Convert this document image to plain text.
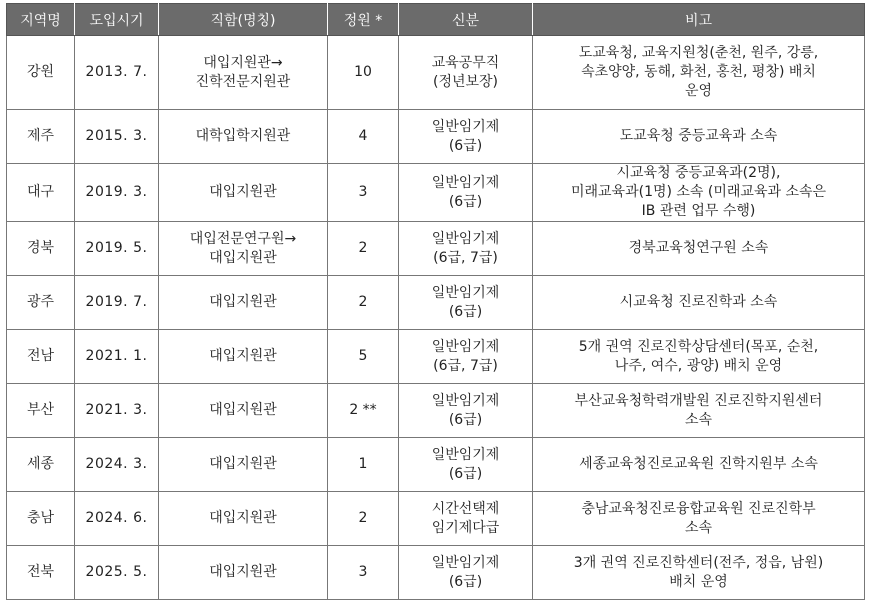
지역명	도입시기	직함(명칭)	정원 *	신분	비고
강원	2013. 7.	대입지원관→
진학전문지원관	10	교육공무직
(정년보장)	도교육청, 교육지원청(춘천, 원주, 강릉,
속초양양, 동해, 화천, 홍천, 평창) 배치
운영

제주	2015. 3.	대학입학지원관	4	일반임기제
(6급)	도교육청 중등교육과 소속

대구	2019. 3.	대입지원관	3	일반임기제
(6급)	시교육청 중등교육과(2명),
미래교육과(1명) 소속 (미래교육과 소속은
IB 관련 업무 수행)

경북	2019. 5.	대입전문연구원→
대입지원관	2	일반임기제
(6급, 7급)	경북교육청연구원 소속

광주	2019. 7.	대입지원관	2	일반임기제
(6급)	시교육청 진로진학과 소속

전남	2021. 1.	대입지원관	5	일반임기제
(6급, 7급)	5개 권역 진로진학상담센터(목포, 순천,
나주, 여수, 광양) 배치 운영

부산	2021. 3.	대입지원관	2 **	일반임기제
(6급)	부산교육청학력개발원 진로진학지원센터
소속

세종	2024. 3.	대입지원관	1	일반임기제
(6급)	세종교육청진로교육원 진학지원부 소속

충남	2024. 6.	대입지원관	2	시간선택제
임기제다급	충남교육청진로융합교육원 진로진학부
소속

전북	2025. 5.	대입지원관	3	일반임기제
(6급)	3개 권역 진로진학센터(전주, 정읍, 남원)
배치 운영
